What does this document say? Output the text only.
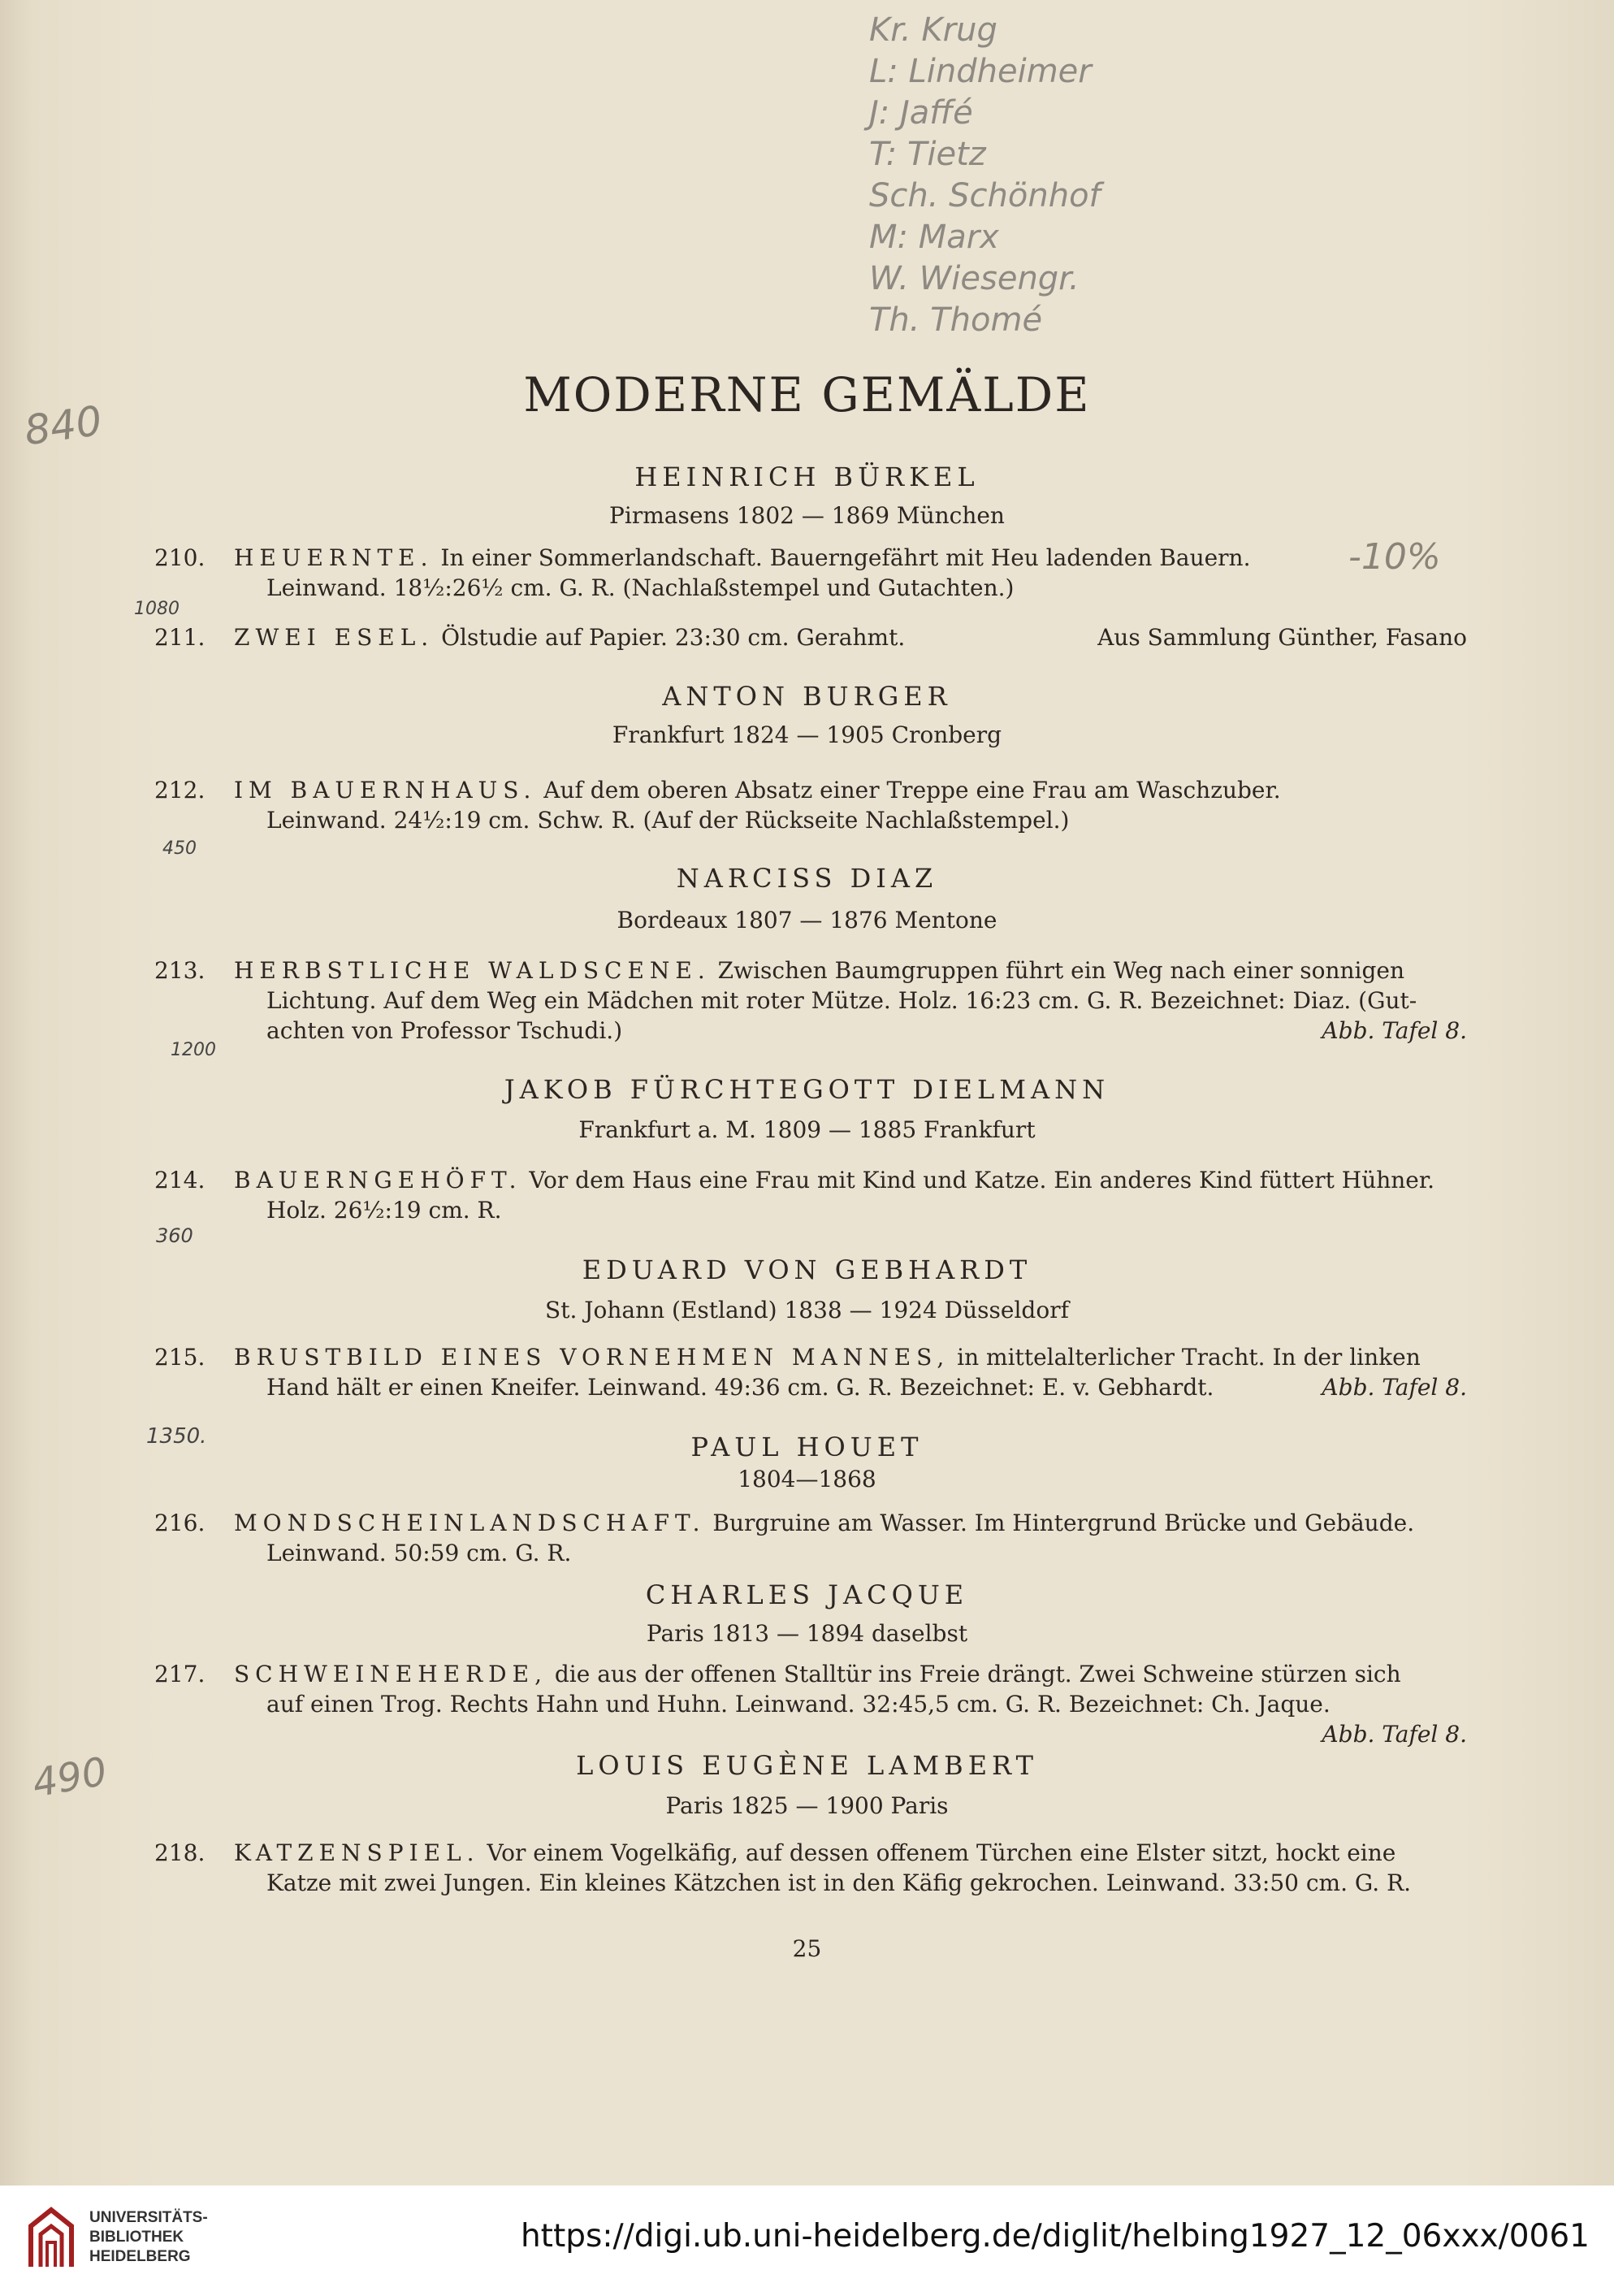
Kr. Krug
L: Lindheimer
J: Jaffé
T: Tietz
Sch. Schönhof
M: Marx
W. Wiesengr.
Th. Thomé
840
1080
450
1200
360
1350.
490
-10%
MODERNE GEMÄLDE
HEINRICH BÜRKEL
Pirmasens 1802 — 1869 München
210.	HEUERNTE. In einer Sommerlandschaft. Bauerngefährt mit Heu ladenden Bauern.
Leinwand. 18½:26½ cm. G. R. (Nachlaßstempel und Gutachten.)
211.	ZWEI ESEL. Ölstudie auf Papier. 23:30 cm. Gerahmt.	Aus Sammlung Günther, Fasano
ANTON BURGER
Frankfurt 1824 — 1905 Cronberg
212.	IM BAUERNHAUS. Auf dem oberen Absatz einer Treppe eine Frau am Waschzuber.
Leinwand. 24½:19 cm. Schw. R. (Auf der Rückseite Nachlaßstempel.)
NARCISS DIAZ
Bordeaux 1807 — 1876 Mentone
213.	HERBSTLICHE WALDSCENE. Zwischen Baumgruppen führt ein Weg nach einer sonnigen
Lichtung. Auf dem Weg ein Mädchen mit roter Mütze. Holz. 16:23 cm. G. R. Bezeichnet: Diaz. (Gut-
achten von Professor Tschudi.)	Abb. Tafel 8.
JAKOB FÜRCHTEGOTT DIELMANN
Frankfurt a. M. 1809 — 1885 Frankfurt
214.	BAUERNGEHÖFT. Vor dem Haus eine Frau mit Kind und Katze. Ein anderes Kind füttert Hühner.
Holz. 26½:19 cm. R.
EDUARD VON GEBHARDT
St. Johann (Estland) 1838 — 1924 Düsseldorf
215.	BRUSTBILD EINES VORNEHMEN MANNES, in mittelalterlicher Tracht. In der linken
Hand hält er einen Kneifer. Leinwand. 49:36 cm. G. R. Bezeichnet: E. v. Gebhardt.	Abb. Tafel 8.
PAUL HOUET
1804—1868
216.	MONDSCHEINLANDSCHAFT. Burgruine am Wasser. Im Hintergrund Brücke und Gebäude.
Leinwand. 50:59 cm. G. R.
CHARLES JACQUE
Paris 1813 — 1894 daselbst
217.	SCHWEINEHERDE, die aus der offenen Stalltür ins Freie drängt. Zwei Schweine stürzen sich
auf einen Trog. Rechts Hahn und Huhn. Leinwand. 32:45,5 cm. G. R. Bezeichnet: Ch. Jaque.
Abb. Tafel 8.
LOUIS EUGÈNE LAMBERT
Paris 1825 — 1900 Paris
218.	KATZENSPIEL. Vor einem Vogelkäfig, auf dessen offenem Türchen eine Elster sitzt, hockt eine
Katze mit zwei Jungen. Ein kleines Kätzchen ist in den Käfig gekrochen. Leinwand. 33:50 cm. G. R.
25
UNIVERSITÄTS-
BIBLIOTHEK
HEIDELBERG
https://digi.ub.uni-heidelberg.de/diglit/helbing1927_12_06xxx/0061
